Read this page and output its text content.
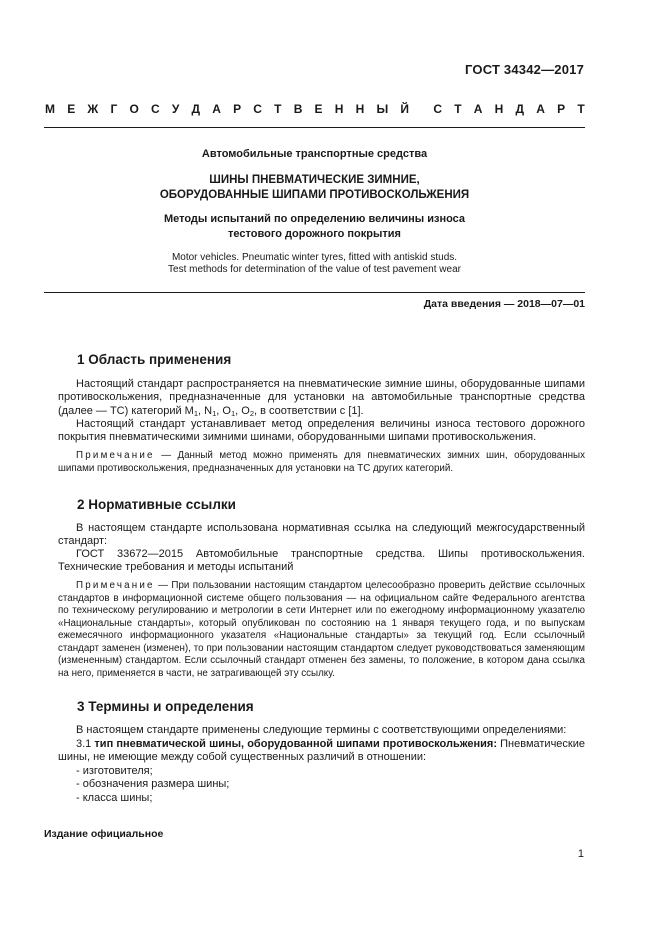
ГОСТ 34342—2017
М Е Ж Г О С У Д А Р С Т В Е Н Н Ы Й С Т А Н Д А Р Т
Автомобильные транспортные средства
ШИНЫ ПНЕВМАТИЧЕСКИЕ ЗИМНИЕ,
ОБОРУДОВАННЫЕ ШИПАМИ ПРОТИВОСКОЛЬЖЕНИЯ
Методы испытаний по определению величины износа
тестового дорожного покрытия
Motor vehicles. Pneumatic winter tyres, fitted with antiskid studs.
Test methods for determination of the value of test pavement wear
Дата введения — 2018—07—01
1 Область применения
Настоящий стандарт распространяется на пневматические зимние шины, оборудованные шипами противоскольжения, предназначенные для установки на автомобильные транспортные средства (далее — ТС) категорий $M_1$, $N_1$, $O_1$, $O_2$, в соответствии с [1].
Настоящий стандарт устанавливает метод определения величины износа тестового дорожного покрытия пневматическими зимними шинами, оборудованными шипами противоскольжения.
Примечание — Данный метод можно применять для пневматических зимних шин, оборудованных шипами противоскольжения, предназначенных для установки на ТС других категорий.
2 Нормативные ссылки
В настоящем стандарте использована нормативная ссылка на следующий межгосударственный стандарт:
ГОСТ 33672—2015 Автомобильные транспортные средства. Шипы противоскольжения. Технические требования и методы испытаний
Примечание — При пользовании настоящим стандартом целесообразно проверить действие ссылочных стандартов в информационной системе общего пользования — на официальном сайте Федерального агентства по техническому регулированию и метрологии в сети Интернет или по ежегодному информационному указателю «Национальные стандарты», который опубликован по состоянию на 1 января текущего года, и по выпускам ежемесячного информационного указателя «Национальные стандарты» за текущий год. Если ссылочный стандарт заменен (изменен), то при пользовании настоящим стандартом следует руководствоваться заменяющим (измененным) стандартом. Если ссылочный стандарт отменен без замены, то положение, в котором дана ссылка на него, применяется в части, не затрагивающей эту ссылку.
3 Термины и определения
В настоящем стандарте применены следующие термины с соответствующими определениями:
3.1 тип пневматической шины, оборудованной шипами противоскольжения: Пневматические шины, не имеющие между собой существенных различий в отношении:
- изготовителя;
- обозначения размера шины;
- класса шины;
Издание официальное
1
